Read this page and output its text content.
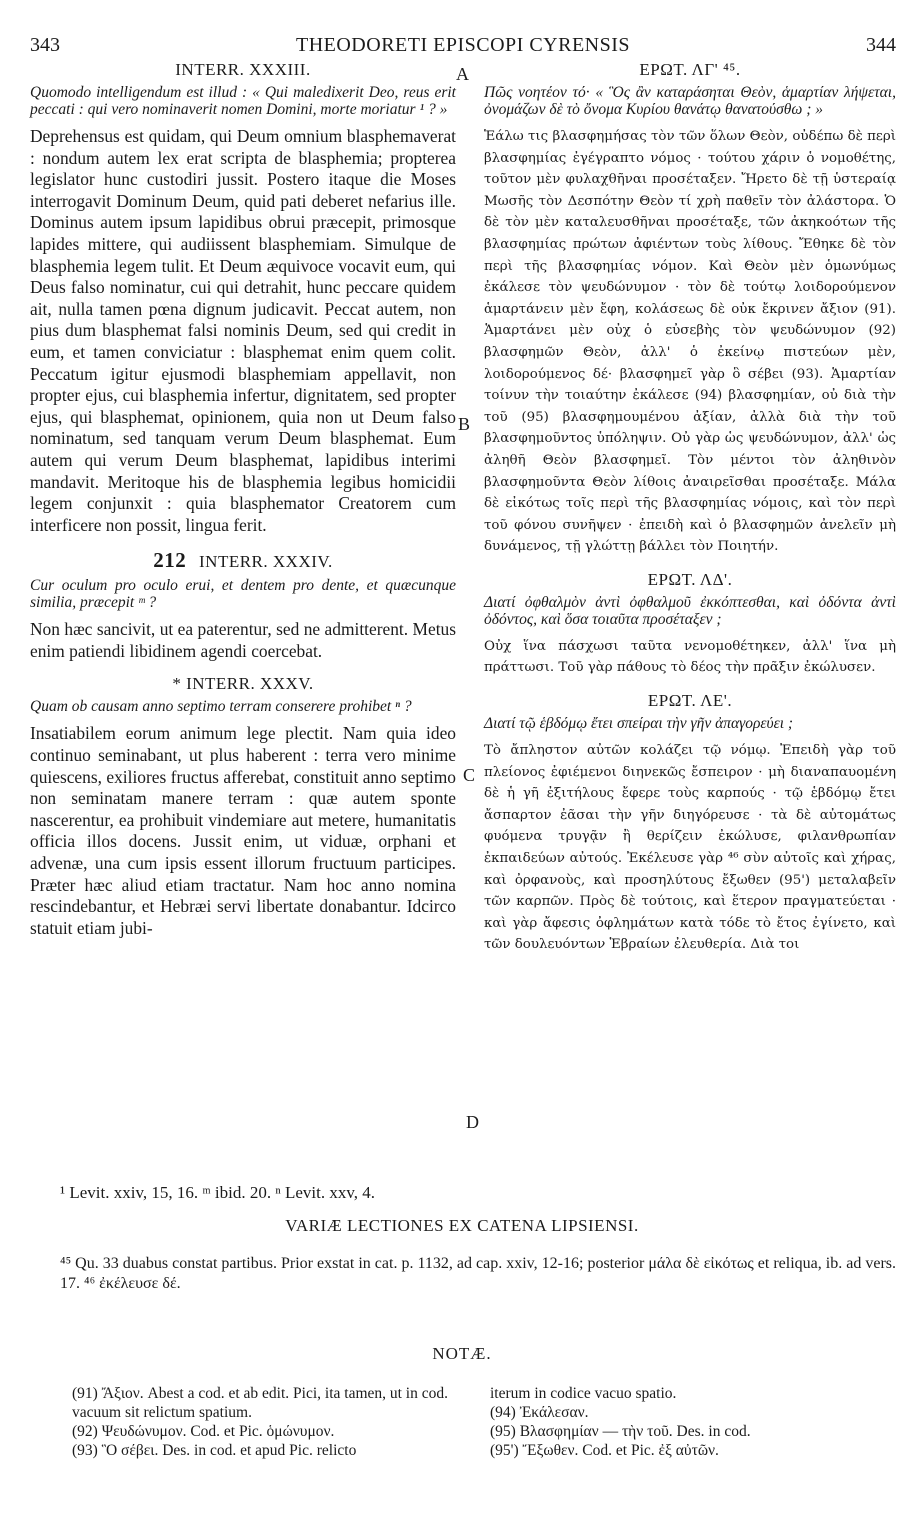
343	THEODORETI EPISCOPI CYRENSIS	344
INTERR. XXXIII.
Quomodo intelligendum est illud : « Qui maledixerit Deo, reus erit peccati : qui vero nominaverit nomen Domini, morte moriatur ¹ ? »

Deprehensus est quidam, qui Deum omnium blasphemaverat : nondum autem lex erat scripta de blasphemia; propterea legislator hunc custodiri jussit. Postero itaque die Moses interrogavit Dominum Deum, quid pati deberet nefarius ille. Dominus autem ipsum lapidibus obrui præcepit, primosque lapides mittere, qui audiissent blasphemiam. Simulque de blasphemia legem tulit. Et Deum æquivoce vocavit eum, qui Deus falso nominatur, cui qui detrahit, hunc peccare quidem ait, nulla tamen pœna dignum judicavit. Peccat autem, non pius dum blasphemat falsi nominis Deum, sed qui credit in eum, et tamen conviciatur : blasphemat enim quem colit. Peccatum igitur ejusmodi blasphemiam appellavit, non propter ejus, cui blasphemia infertur, dignitatem, sed propter ejus, qui blasphemat, opinionem, quia non ut Deum falso nominatum, sed tanquam verum Deum blasphemat. Eum autem qui verum Deum blasphemat, lapidibus interimi mandavit. Meritoque his de blasphemia legibus homicidii legem conjunxit : quia blasphemator Creatorem cum interficere non possit, lingua ferit.

212 INTERR. XXXIV.
Cur oculum pro oculo erui, et dentem pro dente, et quæcunque similia, præcepit ᵐ ?

Non hæc sancivit, ut ea paterentur, sed ne admitterent. Metus enim patiendi libidinem agendi coercebat.

* INTERR. XXXV.
Quam ob causam anno septimo terram conserere prohibet ⁿ ?

Insatiabilem eorum animum lege plectit. Nam quia ideo continuo seminabant, ut plus haberent : terra vero minime quiescens, exiliores fructus afferebat, constituit anno septimo non seminatam manere terram : quæ autem sponte nascerentur, ea prohibuit vindemiare aut metere, humanitatis officia illos docens. Jussit enim, ut viduæ, orphani et advenæ, una cum ipsis essent illorum fructuum participes. Præter hæc aliud etiam tractatur. Nam hoc anno nomina rescindebantur, et Hebræi servi libertate donabantur. Idcirco statuit etiam jubi-

ΕΡΩΤ. ΛΓ' ⁴⁵.
Πῶς νοητέον τό· « Ὃς ἂν καταράσηται Θεὸν, ἁμαρτίαν λήψεται, ὀνομάζων δὲ τὸ ὄνομα Κυρίου θανάτῳ θανατούσθω ; »

Ἑάλω τις βλασφημήσας τὸν τῶν ὅλων Θεὸν, οὐδέπω δὲ περὶ βλασφημίας ἐγέγραπτο νόμος · τούτου χάριν ὁ νομοθέτης, τοῦτον μὲν φυλαχθῆναι προσέταξεν. Ἤρετο δὲ τῇ ὑστεραίᾳ Μωσῆς τὸν Δεσπότην Θεὸν τί χρὴ παθεῖν τὸν ἀλάστορα. Ὁ δὲ τὸν μὲν καταλευσθῆναι προσέταξε, τῶν ἀκηκοότων τῆς βλασφημίας πρώτων ἀφιέντων τοὺς λίθους. Ἔθηκε δὲ τὸν περὶ τῆς βλασφημίας νόμον. Καὶ Θεὸν μὲν ὁμωνύμως ἐκάλεσε τὸν ψευδώνυμον · τὸν δὲ τούτῳ λοιδορούμενον ἁμαρτάνειν μὲν ἔφη, κολάσεως δὲ οὐκ ἔκρινεν ἄξιον (91). Ἁμαρτάνει μὲν οὐχ ὁ εὐσεβὴς τὸν ψευδώνυμον (92) βλασφημῶν Θεὸν, ἀλλ' ὁ ἐκείνῳ πιστεύων μὲν, λοιδορούμενος δέ· βλασφημεῖ γὰρ ὃ σέβει (93). Ἁμαρτίαν τοίνυν τὴν τοιαύτην ἐκάλεσε (94) βλασφημίαν, οὐ διὰ τὴν τοῦ (95) βλασφημουμένου ἀξίαν, ἀλλὰ διὰ τὴν τοῦ βλασφημοῦντος ὑπόληψιν. Οὐ γὰρ ὡς ψευδώνυμον, ἀλλ' ὡς ἀληθῆ Θεὸν βλασφημεῖ. Τὸν μέντοι τὸν ἀληθινὸν βλασφημοῦντα Θεὸν λίθοις ἀναιρεῖσθαι προσέταξε. Μάλα δὲ εἰκότως τοῖς περὶ τῆς βλασφημίας νόμοις, καὶ τὸν περὶ τοῦ φόνου συνῆψεν · ἐπειδὴ καὶ ὁ βλασφημῶν ἀνελεῖν μὴ δυνάμενος, τῇ γλώττῃ βάλλει τὸν Ποιητήν.

ΕΡΩΤ. ΛΔ'.
Διατί ὀφθαλμὸν ἀντὶ ὀφθαλμοῦ ἐκκόπτεσθαι, καὶ ὀδόντα ἀντὶ ὀδόντος, καὶ ὅσα τοιαῦτα προσέταξεν ;

Οὐχ ἵνα πάσχωσι ταῦτα νενομοθέτηκεν, ἀλλ' ἵνα μὴ πράττωσι. Τοῦ γὰρ πάθους τὸ δέος τὴν πρᾶξιν ἐκώλυσεν.

ΕΡΩΤ. ΛΕ'.
Διατί τῷ ἑβδόμῳ ἔτει σπείραι τὴν γῆν ἀπαγορεύει ;

Τὸ ἄπληστον αὐτῶν κολάζει τῷ νόμῳ. Ἐπειδὴ γὰρ τοῦ πλείονος ἐφιέμενοι διηνεκῶς ἔσπειρον · μὴ διαναπαυομένη δὲ ἡ γῆ ἐξιτήλους ἔφερε τοὺς καρπούς · τῷ ἑβδόμῳ ἔτει ἄσπαρτον ἐᾶσαι τὴν γῆν διηγόρευσε · τὰ δὲ αὐτομάτως φυόμενα τρυγᾷν ἢ θερίζειν ἐκώλυσε, φιλανθρωπίαν ἐκπαιδεύων αὐτούς. Ἐκέλευσε γὰρ ⁴⁶ σὺν αὐτοῖς καὶ χήρας, καὶ ὀρφανοὺς, καὶ προσηλύτους ἔξωθεν (95') μεταλαβεῖν τῶν καρπῶν. Πρὸς δὲ τούτοις, καὶ ἕτερον πραγματεύεται · καὶ γὰρ ἄφεσις ὀφλημάτων κατὰ τόδε τὸ ἔτος ἐγίνετο, καὶ τῶν δουλευόντων Ἑβραίων ἐλευθερία. Διὰ τοι

A
B
C
D
¹ Levit. xxiv, 15, 16. ᵐ ibid. 20. ⁿ Levit. xxv, 4.
VARIÆ LECTIONES EX CATENA LIPSIENSI.
⁴⁵ Qu. 33 duabus constat partibus. Prior exstat in cat. p. 1132, ad cap. xxiv, 12-16; posterior μάλα δὲ εἰκότως et reliqua, ib. ad vers. 17. ⁴⁶ ἐκέλευσε δέ.
NOTÆ.
(91) Ἄξιον. Abest a cod. et ab edit. Pici, ita tamen, ut in cod. vacuum sit relictum spatium.
(92) Ψευδώνυμον. Cod. et Pic. ὁμώνυμον.
(93) Ὃ σέβει. Des. in cod. et apud Pic. relicto
iterum in codice vacuo spatio.
(94) Ἐκάλεσαν.
(95) Βλασφημίαν — τὴν τοῦ. Des. in cod.
(95') Ἔξωθεν. Cod. et Pic. ἐξ αὐτῶν.
